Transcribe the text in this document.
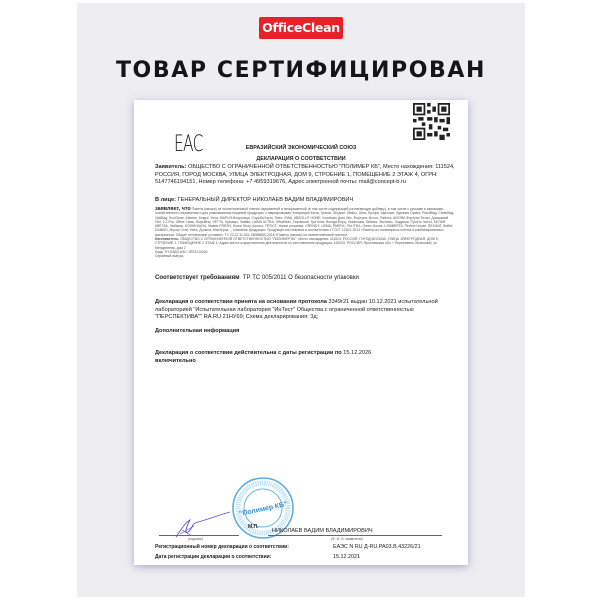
OfficeClean
ТОВАР СЕРТИФИЦИРОВАН
EAC	ЕВРАЗИЙСКИЙ ЭКОНОМИЧЕСКИЙ СОЮЗ
ДЕКЛАРАЦИЯ О СООТВЕТСТВИИ
Заявитель: ОБЩЕСТВО С ОГРАНИЧЕННОЙ ОТВЕТСТВЕННОСТЬЮ "ПОЛИМЕР КБ", Место нахождения: 111524, РОССИЯ, ГОРОД МОСКВА, УЛИЦА ЭЛЕКТРОДНАЯ, ДОМ 9, СТРОЕНИЕ 1, ПОМЕЩЕНИЕ 2 ЭТАЖ 4, ОГРН: 5147746194151, Номер телефона: +7 4959319676, Адрес электронной почты: mail@concept-b.ru
В лице: ГЕНЕРАЛЬНЫЙ ДИРЕКТОР НИКОЛАЕВ ВАДИМ ВЛАДИМИРОВИЧ
заявляет, что Пакеты (мешки) из полиэтиленовой пленки окрашенной и неокрашенной (в том числе содержащей разлагающую добавку), в том числе с ручками и завязками, хозяйственного назначения и для упаковывания пищевой продукции, с маркировками: Концепция Быта, Гранит, Экодом, Vitalux, Ultra, Профи, Удачные, Удачная Сумка, PractiBag, CleanBag, OptiBag, EcoClean, Attache, Комус, Унна, МАРЬЯ-Искусница, Служба Быта, Tetex, EWA, ABSOLUT HOME, Komfoam Дом, Mix, Фортуна, Истон, Paterra, AVIORA Фортуна Титан, Домашний Уют, 1-2-Pro, Office Clean, BoysBest, VETTA, Кузьмич, Лайма, LAIMA ULTRA, OfficeMax, Тазовский, Три Кота, Всегда Берц, Хозяюшка, Selesta, Экоплюс, Ладушки, Просто Чисто, БЕЛАЯ КВЕТКА, Любаша, KOSHKINAYA, Master FRESH, Home Story, Кокосо, ПРОСТ, Умное решение, GRENDY, USMA, PARFIX, PALITRA, Green House, LOMBERTA, Perfect House, REXANT, Buffet, DANKEI, Мусор Стоп, Нега, Долина, Мастерок, -, описание продукции: Продукция изготовлена в соответствии с ГОСТ 12302-2013 «Пакеты из полимерных пленок и комбинированных материалов. Общие технические условия», ТУ 22.22.11-001-38058860-2018 «Пакеты (мешки) из полиэтиленовой пленки».
Изготовитель: ОБЩЕСТВО С ОГРАНИЧЕННОЙ ОТВЕТСТВЕННОСТЬЮ "ПОЛИМЕР КБ", Место нахождения: 111524, РОССИЯ, ГОРОД МОСКВА, УЛИЦА ЭЛЕКТРОДНАЯ, ДОМ 9, СТРОЕНИЕ 1, ПОМЕЩЕНИЕ 2 ЭТАЖ 4, Адрес места осуществления деятельности по изготовлению продукции: 152020, РОССИЯ, Ярославская обл, г Переславль-Залесский, ул Менделеева, дом 2
Коды ТН ВЭД ЕАЭС: 3923210000
Серийный выпуск,
Соответствует требованиям ТР ТС 005/2011 О безопасности упаковки
Декларация о соответствии принята на основании протокола 3349г21 выдан 10.12.2021 испытательной лабораторией "Испытательная лаборатория "ИнТест" Общества с ограниченной ответственностью "ПЕРСПЕКТИВА"" RA.RU 21НУ69; Схема декларирования: 3д;
Дополнительная информация
Декларация о соответствии действительна с даты регистрации по 15.12.2026
включительно
"Полимер КБ"
М.П.
НИКОЛАЕВ ВАДИМ ВЛАДИМИРОВИЧ
(подпись)	(Ф. И. О. заявителя)
Регистрационный номер декларации о соответствии:	ЕАЭС N RU Д-RU.РА03.В.43226/21
Дата регистрации декларации о соответствии:	15.12.2021
